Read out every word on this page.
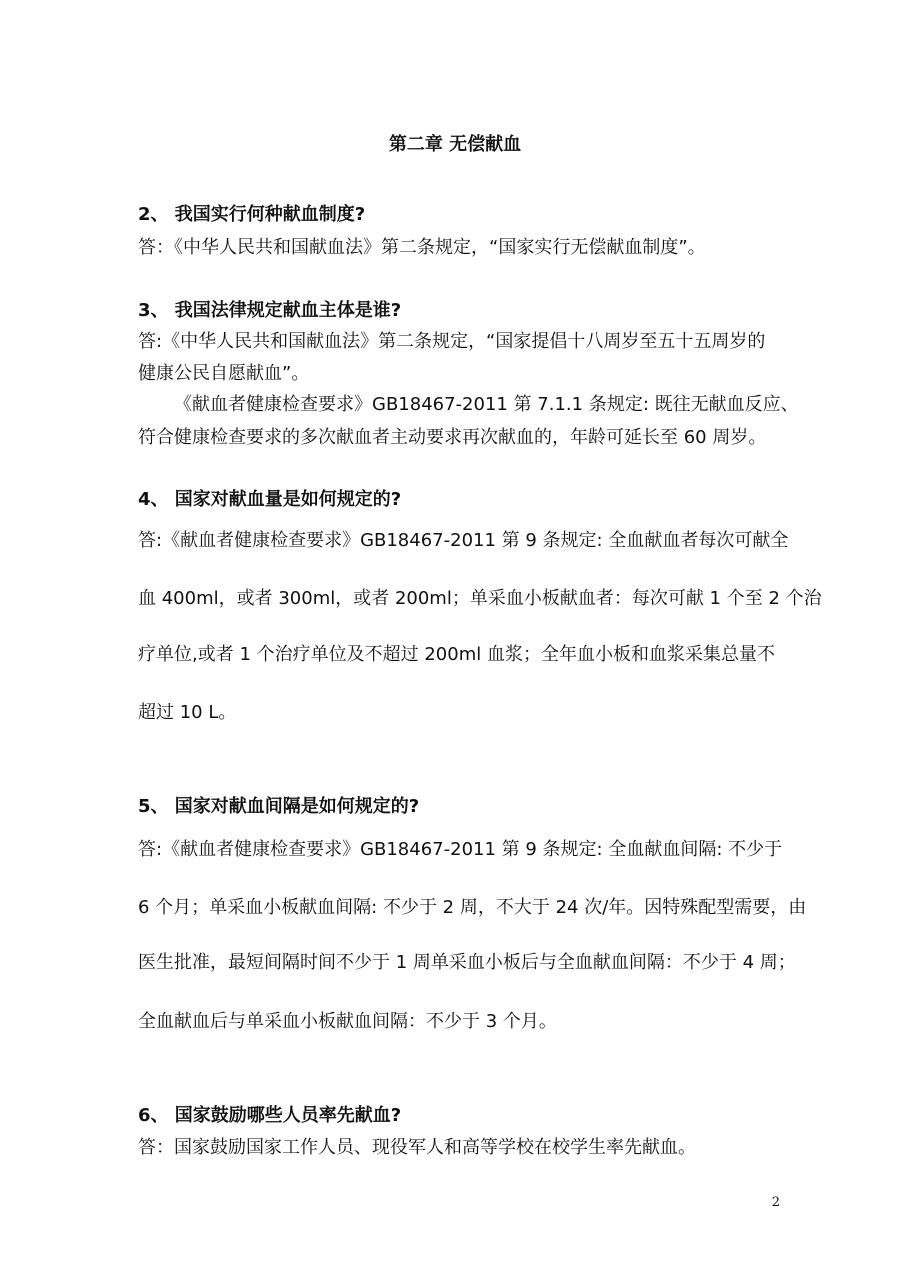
第二章 无偿献血
2、 我国实行何种献血制度?
答：《中华人民共和国献血法》第二条规定，“国家实行无偿献血制度”。
3、 我国法律规定献血主体是谁?
答:《中华人民共和国献血法》第二条规定，“国家提倡十八周岁至五十五周岁的
健康公民自愿献血”。
《献血者健康检查要求》GB18467-2011 第 7.1.1 条规定: 既往无献血反应、
符合健康检查要求的多次献血者主动要求再次献血的，年龄可延长至 60 周岁。
4、 国家对献血量是如何规定的?
答:《献血者健康检查要求》GB18467-2011 第 9 条规定: 全血献血者每次可献全
血 400ml，或者 300ml，或者 200ml；单采血小板献血者：每次可献 1 个至 2 个治
疗单位,或者 1 个治疗单位及不超过 200ml 血浆；全年血小板和血浆采集总量不
超过 10 L。
5、 国家对献血间隔是如何规定的?
答:《献血者健康检查要求》GB18467-2011 第 9 条规定: 全血献血间隔: 不少于
6 个月；单采血小板献血间隔: 不少于 2 周，不大于 24 次/年。因特殊配型需要，由
医生批准，最短间隔时间不少于 1 周单采血小板后与全血献血间隔：不少于 4 周；
全血献血后与单采血小板献血间隔：不少于 3 个月。
6、 国家鼓励哪些人员率先献血?
答：国家鼓励国家工作人员、现役军人和高等学校在校学生率先献血。
2
